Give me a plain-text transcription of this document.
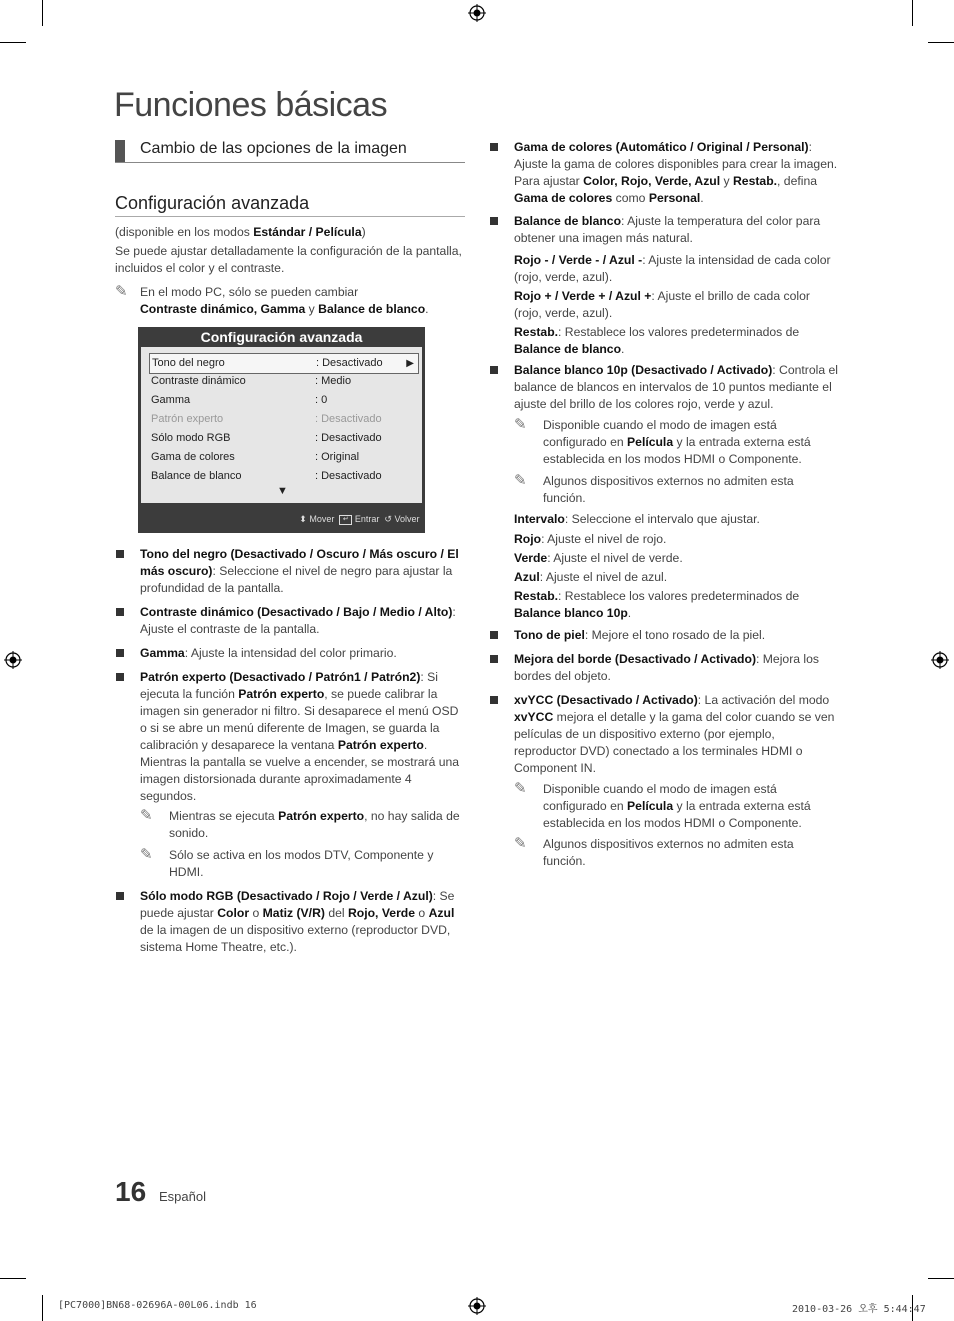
Funciones básicas
Cambio de las opciones de la imagen
Configuración avanzada
(disponible en los modos Estándar / Película)
Se puede ajustar detalladamente la configuración de la pantalla, incluidos el color y el contraste.
✎ En el modo PC, sólo se pueden cambiar
Contraste dinámico, Gamma y Balance de blanco.
Configuración avanzada
Tono del negro	: Desactivado ▶
Contraste dinámico	: Medio
Gamma	: 0
Patrón experto	: Desactivado
Sólo modo RGB	: Desactivado
Gama de colores	: Original
Balance de blanco	: Desactivado
▼
⬍ Mover ↵ Entrar ↺ Volver
Tono del negro (Desactivado / Oscuro / Más oscuro / El más oscuro): Seleccione el nivel de negro para ajustar la profundidad de la pantalla.
Contraste dinámico (Desactivado / Bajo / Medio / Alto): Ajuste el contraste de la pantalla.
Gamma: Ajuste la intensidad del color primario.
Patrón experto (Desactivado / Patrón1 / Patrón2): Si ejecuta la función Patrón experto, se puede calibrar la imagen sin generador ni filtro. Si desaparece el menú OSD o si se abre un menú diferente de Imagen, se guarda la calibración y desaparece la ventana Patrón experto. Mientras la pantalla se vuelve a encender, se mostrará una imagen distorsionada durante aproximadamente 4 segundos.
✎ Mientras se ejecuta Patrón experto, no hay salida de sonido.
✎ Sólo se activa en los modos DTV, Componente y HDMI.
Sólo modo RGB (Desactivado / Rojo / Verde / Azul): Se puede ajustar Color o Matiz (V/R) del Rojo, Verde o Azul de la imagen de un dispositivo externo (reproductor DVD, sistema Home Theatre, etc.).
Gama de colores (Automático / Original / Personal): Ajuste la gama de colores disponibles para crear la imagen. Para ajustar Color, Rojo, Verde, Azul y Restab., defina Gama de colores como Personal.
Balance de blanco: Ajuste la temperatura del color para obtener una imagen más natural.
Rojo - / Verde - / Azul -: Ajuste la intensidad de cada color (rojo, verde, azul).
Rojo + / Verde + / Azul +: Ajuste el brillo de cada color (rojo, verde, azul).
Restab.: Restablece los valores predeterminados de Balance de blanco.
Balance blanco 10p (Desactivado / Activado): Controla el balance de blancos en intervalos de 10 puntos mediante el ajuste del brillo de los colores rojo, verde y azul.
✎ Disponible cuando el modo de imagen está configurado en Película y la entrada externa está establecida en los modos HDMI o Componente.
✎ Algunos dispositivos externos no admiten esta función.
Intervalo: Seleccione el intervalo que ajustar.
Rojo: Ajuste el nivel de rojo.
Verde: Ajuste el nivel de verde.
Azul: Ajuste el nivel de azul.
Restab.: Restablece los valores predeterminados de Balance blanco 10p.
Tono de piel: Mejore el tono rosado de la piel.
Mejora del borde (Desactivado / Activado): Mejora los bordes del objeto.
xvYCC (Desactivado / Activado): La activación del modo xvYCC mejora el detalle y la gama del color cuando se ven películas de un dispositivo externo (por ejemplo, reproductor DVD) conectado a los terminales HDMI o Component IN.
✎ Disponible cuando el modo de imagen está configurado en Película y la entrada externa está establecida en los modos HDMI o Componente.
✎ Algunos dispositivos externos no admiten esta función.
16 Español
[PC7000]BN68-02696A-00L06.indb 16	2010-03-26 오후 5:44:47
